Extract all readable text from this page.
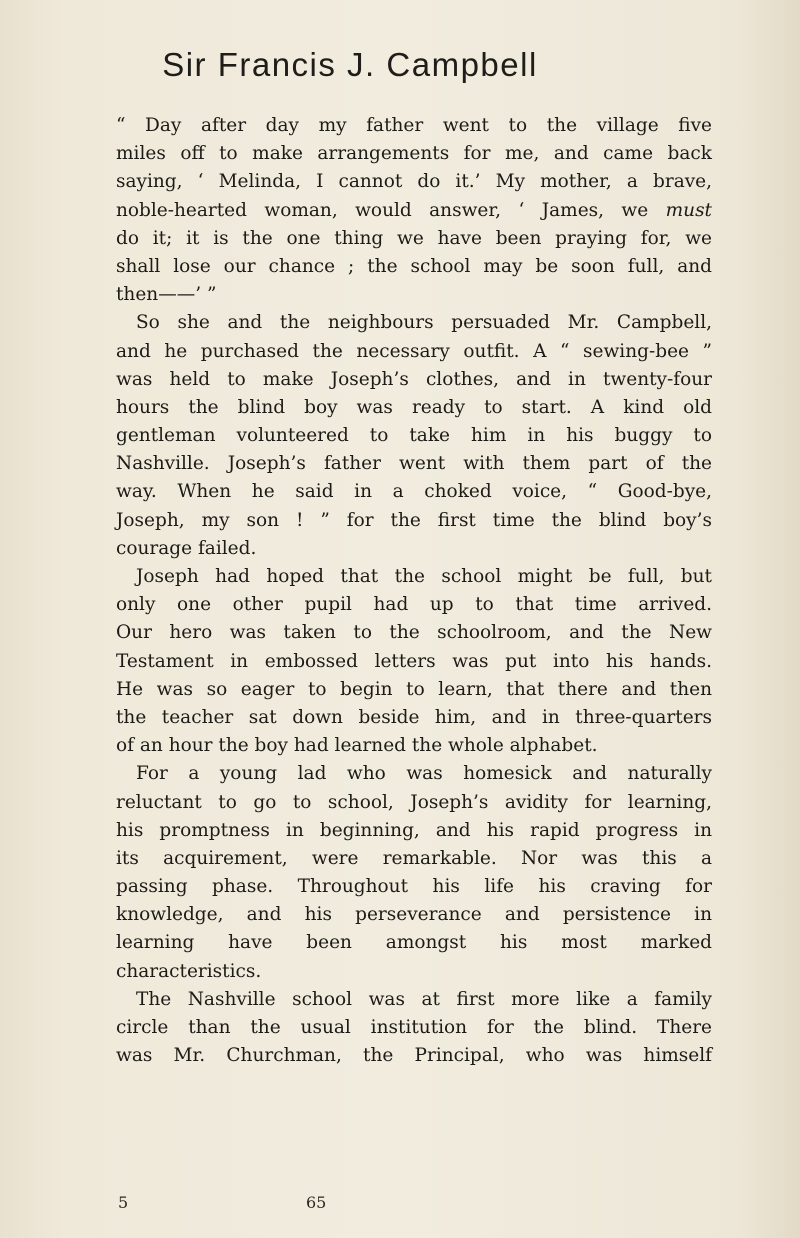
Sir Francis J. Campbell
“ Day after day my father went to the village five
miles off to make arrangements for me, and came back
saying, ‘ Melinda, I cannot do it.’ My mother, a brave,
noble-hearted woman, would answer, ‘ James, we must
do it; it is the one thing we have been praying for, we
shall lose our chance ; the school may be soon full, and
then——’ ”
So she and the neighbours persuaded Mr. Campbell,
and he purchased the necessary outfit. A “ sewing-bee ”
was held to make Joseph’s clothes, and in twenty-four
hours the blind boy was ready to start. A kind old
gentleman volunteered to take him in his buggy to
Nashville. Joseph’s father went with them part of the
way. When he said in a choked voice, “ Good-bye,
Joseph, my son ! ” for the first time the blind boy’s
courage failed.
Joseph had hoped that the school might be full, but
only one other pupil had up to that time arrived.
Our hero was taken to the schoolroom, and the New
Testament in embossed letters was put into his hands.
He was so eager to begin to learn, that there and then
the teacher sat down beside him, and in three-quarters
of an hour the boy had learned the whole alphabet.
For a young lad who was homesick and naturally
reluctant to go to school, Joseph’s avidity for learning,
his promptness in beginning, and his rapid progress in
its acquirement, were remarkable. Nor was this a
passing phase. Throughout his life his craving for
knowledge, and his perseverance and persistence in
learning have been amongst his most marked
characteristics.
The Nashville school was at first more like a family
circle than the usual institution for the blind. There
was Mr. Churchman, the Principal, who was himself
5	65
